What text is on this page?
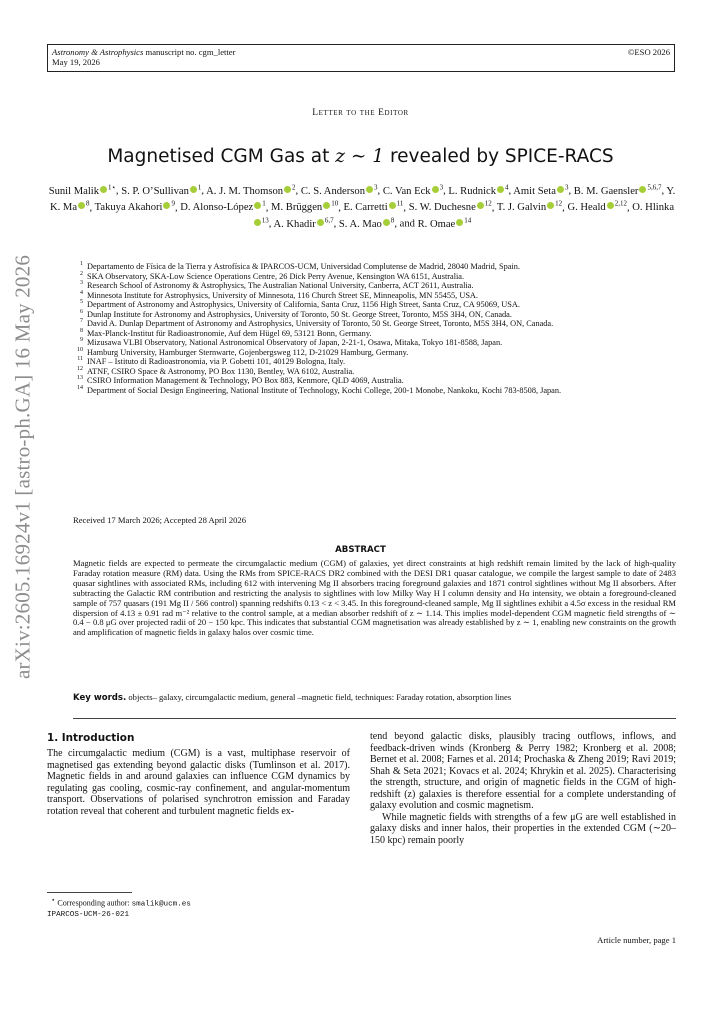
Astronomy & Astrophysics manuscript no. cgm_letter
May 19, 2026
©ESO 2026
Letter to the Editor
Magnetised CGM Gas at z ∼ 1 revealed by SPICE-RACS
Sunil Malik $^{1⋆}$, S. P. O’Sullivan $^1$, A. J. M. Thomson $^2$, C. S. Anderson $^3$, C. Van Eck $^3$, L. Rudnick $^4$, Amit Seta $^3$, B. M. Gaensler $^{5,6,7}$, Y. K. Ma $^8$, Takuya Akahori $^9$, D. Alonso-López $^1$, M. Brüggen $^{10}$, E. Carretti $^{11}$, S. W. Duchesne $^{12}$, T. J. Galvin $^{12}$, G. Heald $^{2,12}$, O. Hlinka$^{13}$, A. Khadir $^{6,7}$, S. A. Mao $^8$, and R. Omae $^{14}$
1 Departamento de Física de la Tierra y Astrofísica & IPARCOS-UCM, Universidad Complutense de Madrid, 28040 Madrid, Spain.
2 SKA Observatory, SKA-Low Science Operations Centre, 26 Dick Perry Avenue, Kensington WA 6151, Australia.
3 Research School of Astronomy & Astrophysics, The Australian National University, Canberra, ACT 2611, Australia.
4 Minnesota Institute for Astrophysics, University of Minnesota, 116 Church Street SE, Minneapolis, MN 55455, USA.
5 Department of Astronomy and Astrophysics, University of California, Santa Cruz, 1156 High Street, Santa Cruz, CA 95069, USA.
6 Dunlap Institute for Astronomy and Astrophysics, University of Toronto, 50 St. George Street, Toronto, M5S 3H4, ON, Canada.
7 David A. Dunlap Department of Astronomy and Astrophysics, University of Toronto, 50 St. George Street, Toronto, M5S 3H4, ON, Canada.
8 Max-Planck-Institut für Radioastronomie, Auf dem Hügel 69, 53121 Bonn, Germany.
9 Mizusawa VLBI Observatory, National Astronomical Observatory of Japan, 2-21-1, Osawa, Mitaka, Tokyo 181-8588, Japan.
10 Hamburg University, Hamburger Sternwarte, Gojenbergsweg 112, D-21029 Hamburg, Germany.
11 INAF – Istituto di Radioastronomia, via P. Gobetti 101, 40129 Bologna, Italy.
12 ATNF, CSIRO Space & Astronomy, PO Box 1130, Bentley, WA 6102, Australia.
13 CSIRO Information Management & Technology, PO Box 883, Kenmore, QLD 4069, Australia.
14 Department of Social Design Engineering, National Institute of Technology, Kochi College, 200-1 Monobe, Nankoku, Kochi 783-8508, Japan.
Received 17 March 2026; Accepted 28 April 2026
ABSTRACT
Magnetic fields are expected to permeate the circumgalactic medium (CGM) of galaxies, yet direct constraints at high redshift remain limited by the lack of high-quality Faraday rotation measure (RM) data. Using the RMs from SPICE-RACS DR2 combined with the DESI DR1 quasar catalogue, we compile the largest sample to date of 2483 quasar sightlines with associated RMs, including 612 with intervening Mg II absorbers tracing foreground galaxies and 1871 control sightlines without Mg II absorbers. After subtracting the Galactic RM contribution and restricting the analysis to sightlines with low Milky Way H I column density and Hα intensity, we obtain a foreground-cleaned sample of 757 quasars (191 Mg II / 566 control) spanning redshifts 0.13 < z < 3.45. In this foreground-cleaned sample, Mg II sightlines exhibit a 4.5σ excess in the residual RM dispersion of 4.13 ± 0.91 rad m⁻² relative to the control sample, at a median absorber redshift of z ∼ 1.14. This implies model-dependent CGM magnetic field strengths of ∼ 0.4 − 0.8 μG over projected radii of 20 − 150 kpc. This indicates that substantial CGM magnetisation was already established by z ∼ 1, enabling new constraints on the growth and amplification of magnetic fields in galaxy halos over cosmic time.
Key words. objects– galaxy, circumgalactic medium, general –magnetic field, techniques: Faraday rotation, absorption lines
arXiv:2605.16924v1 [astro-ph.GA] 16 May 2026
1. Introduction
The circumgalactic medium (CGM) is a vast, multiphase reservoir of magnetised gas extending beyond galactic disks (Tumlinson et al. 2017). Magnetic fields in and around galaxies can influence CGM dynamics by regulating gas cooling, cosmic-ray confinement, and angular-momentum transport. Observations of polarised synchrotron emission and Faraday rotation reveal that coherent and turbulent magnetic fields ex-

tend beyond galactic disks, plausibly tracing outflows, inflows, and feedback-driven winds (Kronberg & Perry 1982; Kronberg et al. 2008; Bernet et al. 2008; Farnes et al. 2014; Prochaska & Zheng 2019; Ravi 2019; Shah & Seta 2021; Kovacs et al. 2024; Khrykin et al. 2025). Characterising the strength, structure, and origin of magnetic fields in the CGM of high-redshift (z) galaxies is therefore essential for a complete understanding of galaxy evolution and cosmic magnetism.

While magnetic fields with strengths of a few μG are well established in galaxy disks and inner halos, their properties in the extended CGM (∼20–150 kpc) remain poorly

⋆ Corresponding author: smalik@ucm.es
IPARCOS-UCM-26-021
Article number, page 1
